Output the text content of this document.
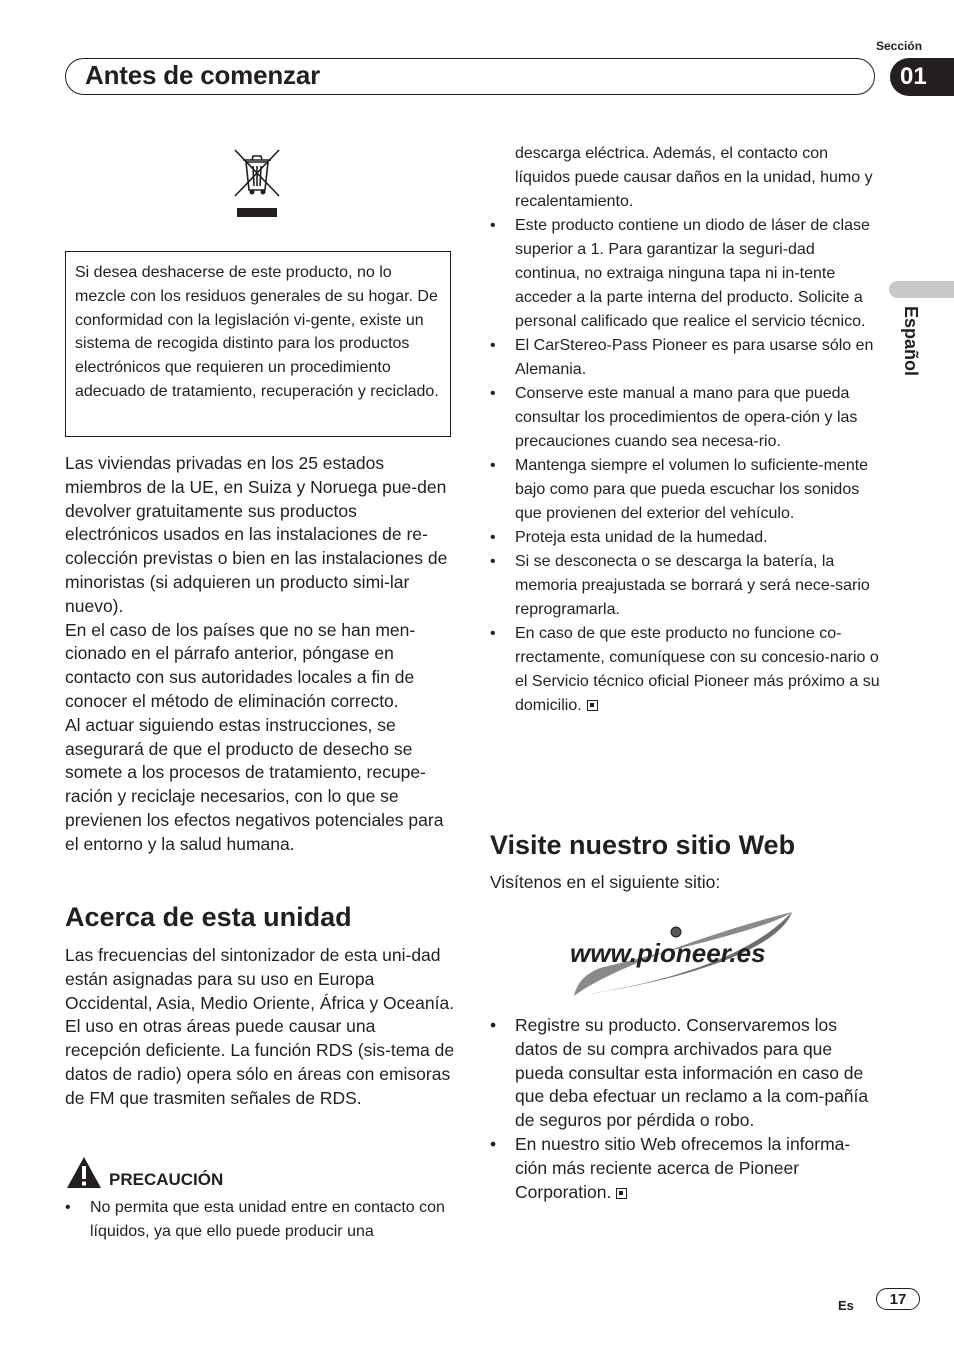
Sección
Antes de comenzar	01
Español
Si desea deshacerse de este producto, no lo mezcle con los residuos generales de su hogar. De conformidad con la legislación vi-gente, existe un sistema de recogida distinto para los productos electrónicos que requieren un procedimiento adecuado de tratamiento, recuperación y reciclado.
Las viviendas privadas en los 25 estados miembros de la UE, en Suiza y Noruega pue-den devolver gratuitamente sus productos electrónicos usados en las instalaciones de re-colección previstas o bien en las instalaciones de minoristas (si adquieren un producto simi-lar nuevo).
En el caso de los países que no se han men-cionado en el párrafo anterior, póngase en contacto con sus autoridades locales a fin de conocer el método de eliminación correcto.
Al actuar siguiendo estas instrucciones, se asegurará de que el producto de desecho se somete a los procesos de tratamiento, recupe-ración y reciclaje necesarios, con lo que se previenen los efectos negativos potenciales para el entorno y la salud humana.
Acerca de esta unidad
Las frecuencias del sintonizador de esta uni-dad están asignadas para su uso en Europa Occidental, Asia, Medio Oriente, África y Oceanía. El uso en otras áreas puede causar una recepción deficiente. La función RDS (sis-tema de datos de radio) opera sólo en áreas con emisoras de FM que trasmiten señales de RDS.
PRECAUCIÓN
• No permita que esta unidad entre en contacto con líquidos, ya que ello puede producir una
descarga eléctrica. Además, el contacto con líquidos puede causar daños en la unidad, humo y recalentamiento.
• Este producto contiene un diodo de láser de clase superior a 1. Para garantizar la seguri-dad continua, no extraiga ninguna tapa ni in-tente acceder a la parte interna del producto. Solicite a personal calificado que realice el servicio técnico.
• El CarStereo-Pass Pioneer es para usarse sólo en Alemania.
• Conserve este manual a mano para que pueda consultar los procedimientos de opera-ción y las precauciones cuando sea necesa-rio.
• Mantenga siempre el volumen lo suficiente-mente bajo como para que pueda escuchar los sonidos que provienen del exterior del vehículo.
• Proteja esta unidad de la humedad.
• Si se desconecta o se descarga la batería, la memoria preajustada se borrará y será nece-sario reprogramarla.
• En caso de que este producto no funcione co-rrectamente, comuníquese con su concesio-nario o el Servicio técnico oficial Pioneer más próximo a su domicilio.
Visite nuestro sitio Web
Visítenos en el siguiente sitio:
www.pioneer.es
• Registre su producto. Conservaremos los datos de su compra archivados para que pueda consultar esta información en caso de que deba efectuar un reclamo a la com-pañía de seguros por pérdida o robo.
• En nuestro sitio Web ofrecemos la informa-ción más reciente acerca de Pioneer Corporation.
Es 17
